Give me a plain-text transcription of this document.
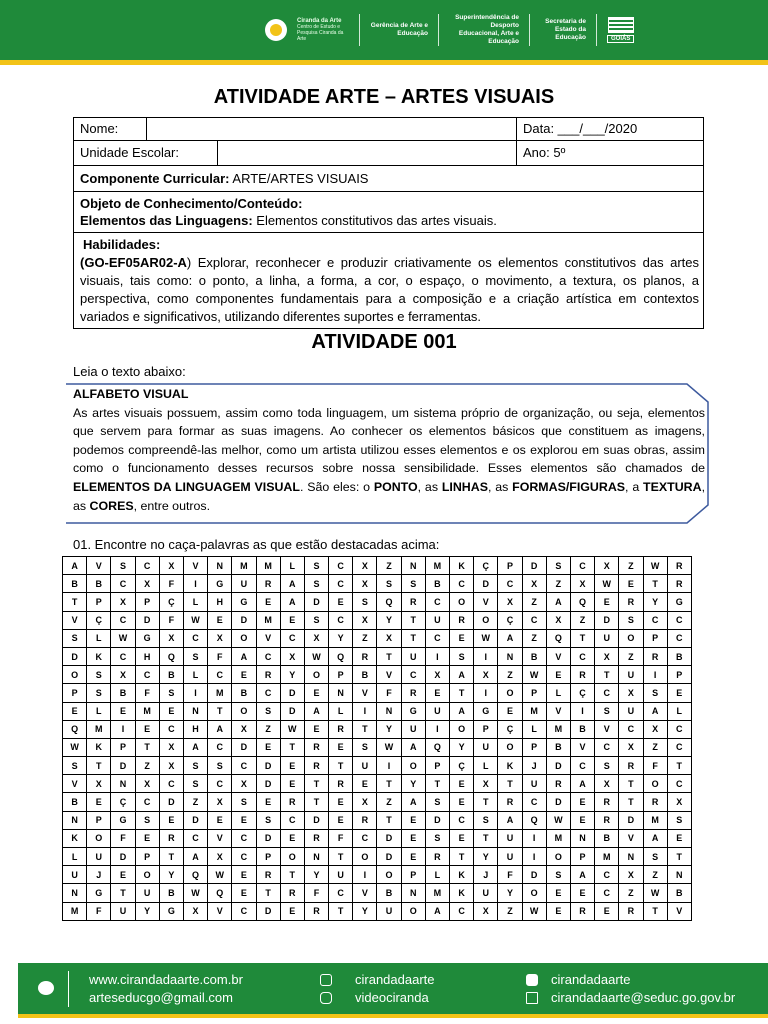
Ciranda da Arte
Centro de Estudo e Pesquisa Ciranda da Arte
Gerência de Arte e Educação
Superintendência de Desporto Educacional, Arte e Educação
Secretaria de Estado da Educação	GOIÁS
ATIVIDADE ARTE – ARTES VISUAIS
Nome:	Data: ___/___/2020
Unidade Escolar:	Ano: 5º
Componente Curricular: ARTE/ARTES VISUAIS
Objeto de Conhecimento/Conteúdo:
Elementos das Linguagens: Elementos constitutivos das artes visuais.
Habilidades:
(GO-EF05AR02-A) Explorar, reconhecer e produzir criativamente os elementos constitutivos das artes visuais, tais como: o ponto, a linha, a forma, a cor, o espaço, o movimento, a textura, os planos, a perspectiva, como componentes fundamentais para a composição e a criação artística em contextos variados e significativos, utilizando diferentes suportes e ferramentas.
ATIVIDADE 001
Leia o texto abaixo:
ALFABETO VISUAL
As artes visuais possuem, assim como toda linguagem, um sistema próprio de organização, ou seja, elementos que servem para formar as suas imagens. Ao conhecer os elementos básicos que constituem as imagens, podemos compreendê-las melhor, como um artista utilizou esses elementos e os explorou em suas obras, assim como o funcionamento desses recursos sobre nossa sensibilidade. Esses elementos são chamados de ELEMENTOS DA LINGUAGEM VISUAL. São eles: o PONTO, as LINHAS, as FORMAS/FIGURAS, a TEXTURA, as CORES, entre outros.
01. Encontre no caça-palavras as que estão destacadas acima:
A	V	S	C	X	V	N	M	M	L	S	C	X	Z	N	M	K	Ç	P	D	S	C	X	Z	W	R
B	B	C	X	F	I	G	U	R	A	S	C	X	S	S	B	C	D	C	X	Z	X	W	E	T	R
T	P	X	P	Ç	L	H	G	E	A	D	E	S	Q	R	C	O	V	X	Z	A	Q	E	R	Y	G
V	Ç	C	D	F	W	E	D	M	E	S	C	X	Y	T	U	R	O	Ç	C	X	Z	D	S	C	C
S	L	W	G	X	C	X	O	V	C	X	Y	Z	X	T	C	E	W	A	Z	Q	T	U	O	P	C
D	K	C	H	Q	S	F	A	C	X	W	Q	R	T	U	I	S	I	N	B	V	C	X	Z	R	B
O	S	X	C	B	L	C	E	R	Y	O	P	B	V	C	X	A	X	Z	W	E	R	T	U	I	P
P	S	B	F	S	I	M	B	C	D	E	N	V	F	R	E	T	I	O	P	L	Ç	C	X	S	E
E	L	E	M	E	N	T	O	S	D	A	L	I	N	G	U	A	G	E	M	V	I	S	U	A	L
Q	M	I	E	C	H	A	X	Z	W	E	R	T	Y	U	I	O	P	Ç	L	M	B	V	C	X	C
W	K	P	T	X	A	C	D	E	T	R	E	S	W	A	Q	Y	U	O	P	B	V	C	X	Z	C
S	T	D	Z	X	S	S	C	D	E	R	T	U	I	O	P	Ç	L	K	J	D	C	S	R	F	T
V	X	N	X	C	S	C	X	D	E	T	R	E	T	Y	T	E	X	T	U	R	A	X	T	O	C
B	E	Ç	C	D	Z	X	S	E	R	T	E	X	Z	A	S	E	T	R	C	D	E	R	T	R	X
N	P	G	S	E	D	E	E	S	C	D	E	R	T	E	D	C	S	A	Q	W	E	R	D	M	S
K	O	F	E	R	C	V	C	D	E	R	F	C	D	E	S	E	T	U	I	M	N	B	V	A	E
L	U	D	P	T	A	X	C	P	O	N	T	O	D	E	R	T	Y	U	I	O	P	M	N	S	T
U	J	E	O	Y	Q	W	E	R	T	Y	U	I	O	P	L	K	J	F	D	S	A	C	X	Z	N
N	G	T	U	B	W	Q	E	T	R	F	C	V	B	N	M	K	U	Y	O	E	E	C	Z	W	B
M	F	U	Y	G	X	V	C	D	E	R	T	Y	U	O	A	C	X	Z	W	E	R	E	R	T	V
www.cirandadaarte.com.br
arteseducgo@gmail.com
cirandadaarte
videociranda
cirandadaarte
cirandadaarte@seduc.go.gov.br
